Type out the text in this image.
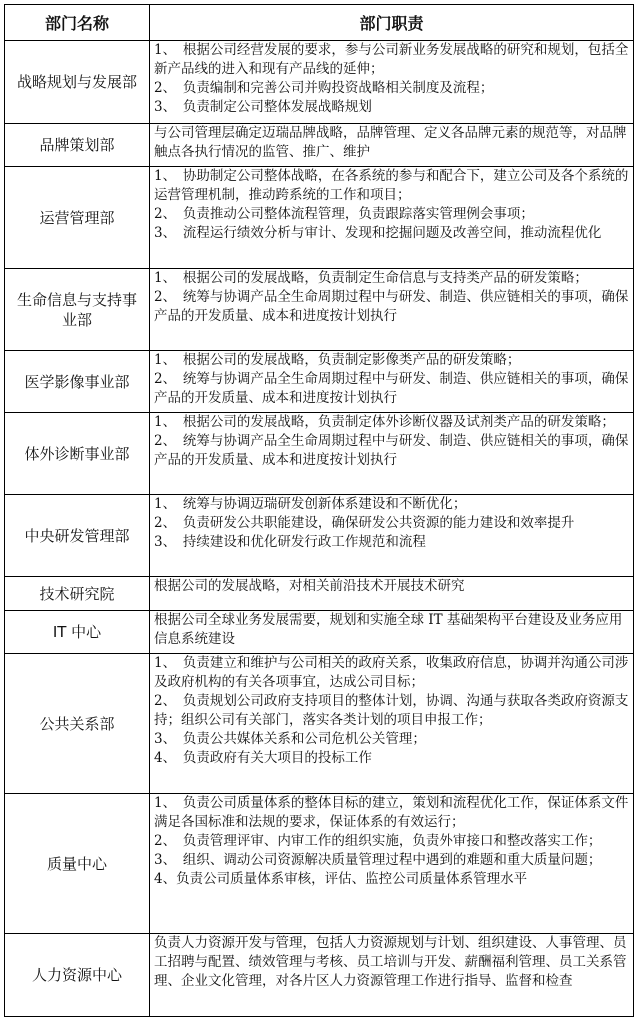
部门名称	部门职责
战略规划与发展部	1、　根据公司经营发展的要求，参与公司新业务发展战略的研究和规划，包括全新产品线的进入和现有产品线的延伸；
2、　负责编制和完善公司并购投资战略相关制度及流程；
3、　负责制定公司整体发展战略规划

品牌策划部	与公司管理层确定迈瑞品牌战略，品牌管理、定义各品牌元素的规范等，对品牌触点各执行情况的监管、推广、维护

运营管理部	1、　协助制定公司整体战略，在各系统的参与和配合下，建立公司及各个系统的运营管理机制，推动跨系统的工作和项目；
2、　负责推动公司整体流程管理，负责跟踪落实管理例会事项；
3、　流程运行绩效分析与审计、发现和挖掘问题及改善空间，推动流程优化

生命信息与支持事业部	1、　根据公司的发展战略，负责制定生命信息与支持类产品的研发策略；
2、　统筹与协调产品全生命周期过程中与研发、制造、供应链相关的事项，确保产品的开发质量、成本和进度按计划执行

医学影像事业部	1、　根据公司的发展战略，负责制定影像类产品的研发策略；
2、　统筹与协调产品全生命周期过程中与研发、制造、供应链相关的事项，确保产品的开发质量、成本和进度按计划执行

体外诊断事业部	1、　根据公司的发展战略，负责制定体外诊断仪器及试剂类产品的研发策略；
2、　统筹与协调产品全生命周期过程中与研发、制造、供应链相关的事项，确保产品的开发质量、成本和进度按计划执行

中央研发管理部	1、　统筹与协调迈瑞研发创新体系建设和不断优化；
2、　负责研发公共职能建设，确保研发公共资源的能力建设和效率提升
3、　持续建设和优化研发行政工作规范和流程

技术研究院	根据公司的发展战略，对相关前沿技术开展技术研究

IT 中心	根据公司全球业务发展需要，规划和实施全球 IT 基础架构平台建设及业务应用信息系统建设

公共关系部	1、　负责建立和维护与公司相关的政府关系，收集政府信息，协调并沟通公司涉及政府机构的有关各项事宜，达成公司目标；
2、　负责规划公司政府支持项目的整体计划，协调、沟通与获取各类政府资源支持；组织公司有关部门，落实各类计划的项目申报工作；
3、　负责公共媒体关系和公司危机公关管理；
4、　负责政府有关大项目的投标工作

质量中心	1、　负责公司质量体系的整体目标的建立，策划和流程优化工作，保证体系文件满足各国标准和法规的要求，保证体系的有效运行；
2、　负责管理评审、内审工作的组织实施，负责外审接口和整改落实工作；
3、　组织、调动公司资源解决质量管理过程中遇到的难题和重大质量问题；
4、负责公司质量体系审核，评估、监控公司质量体系管理水平

人力资源中心	负责人力资源开发与管理，包括人力资源规划与计划、组织建设、人事管理、员工招聘与配置、绩效管理与考核、员工培训与开发、薪酬福利管理、员工关系管理、企业文化管理，对各片区人力资源管理工作进行指导、监督和检查
